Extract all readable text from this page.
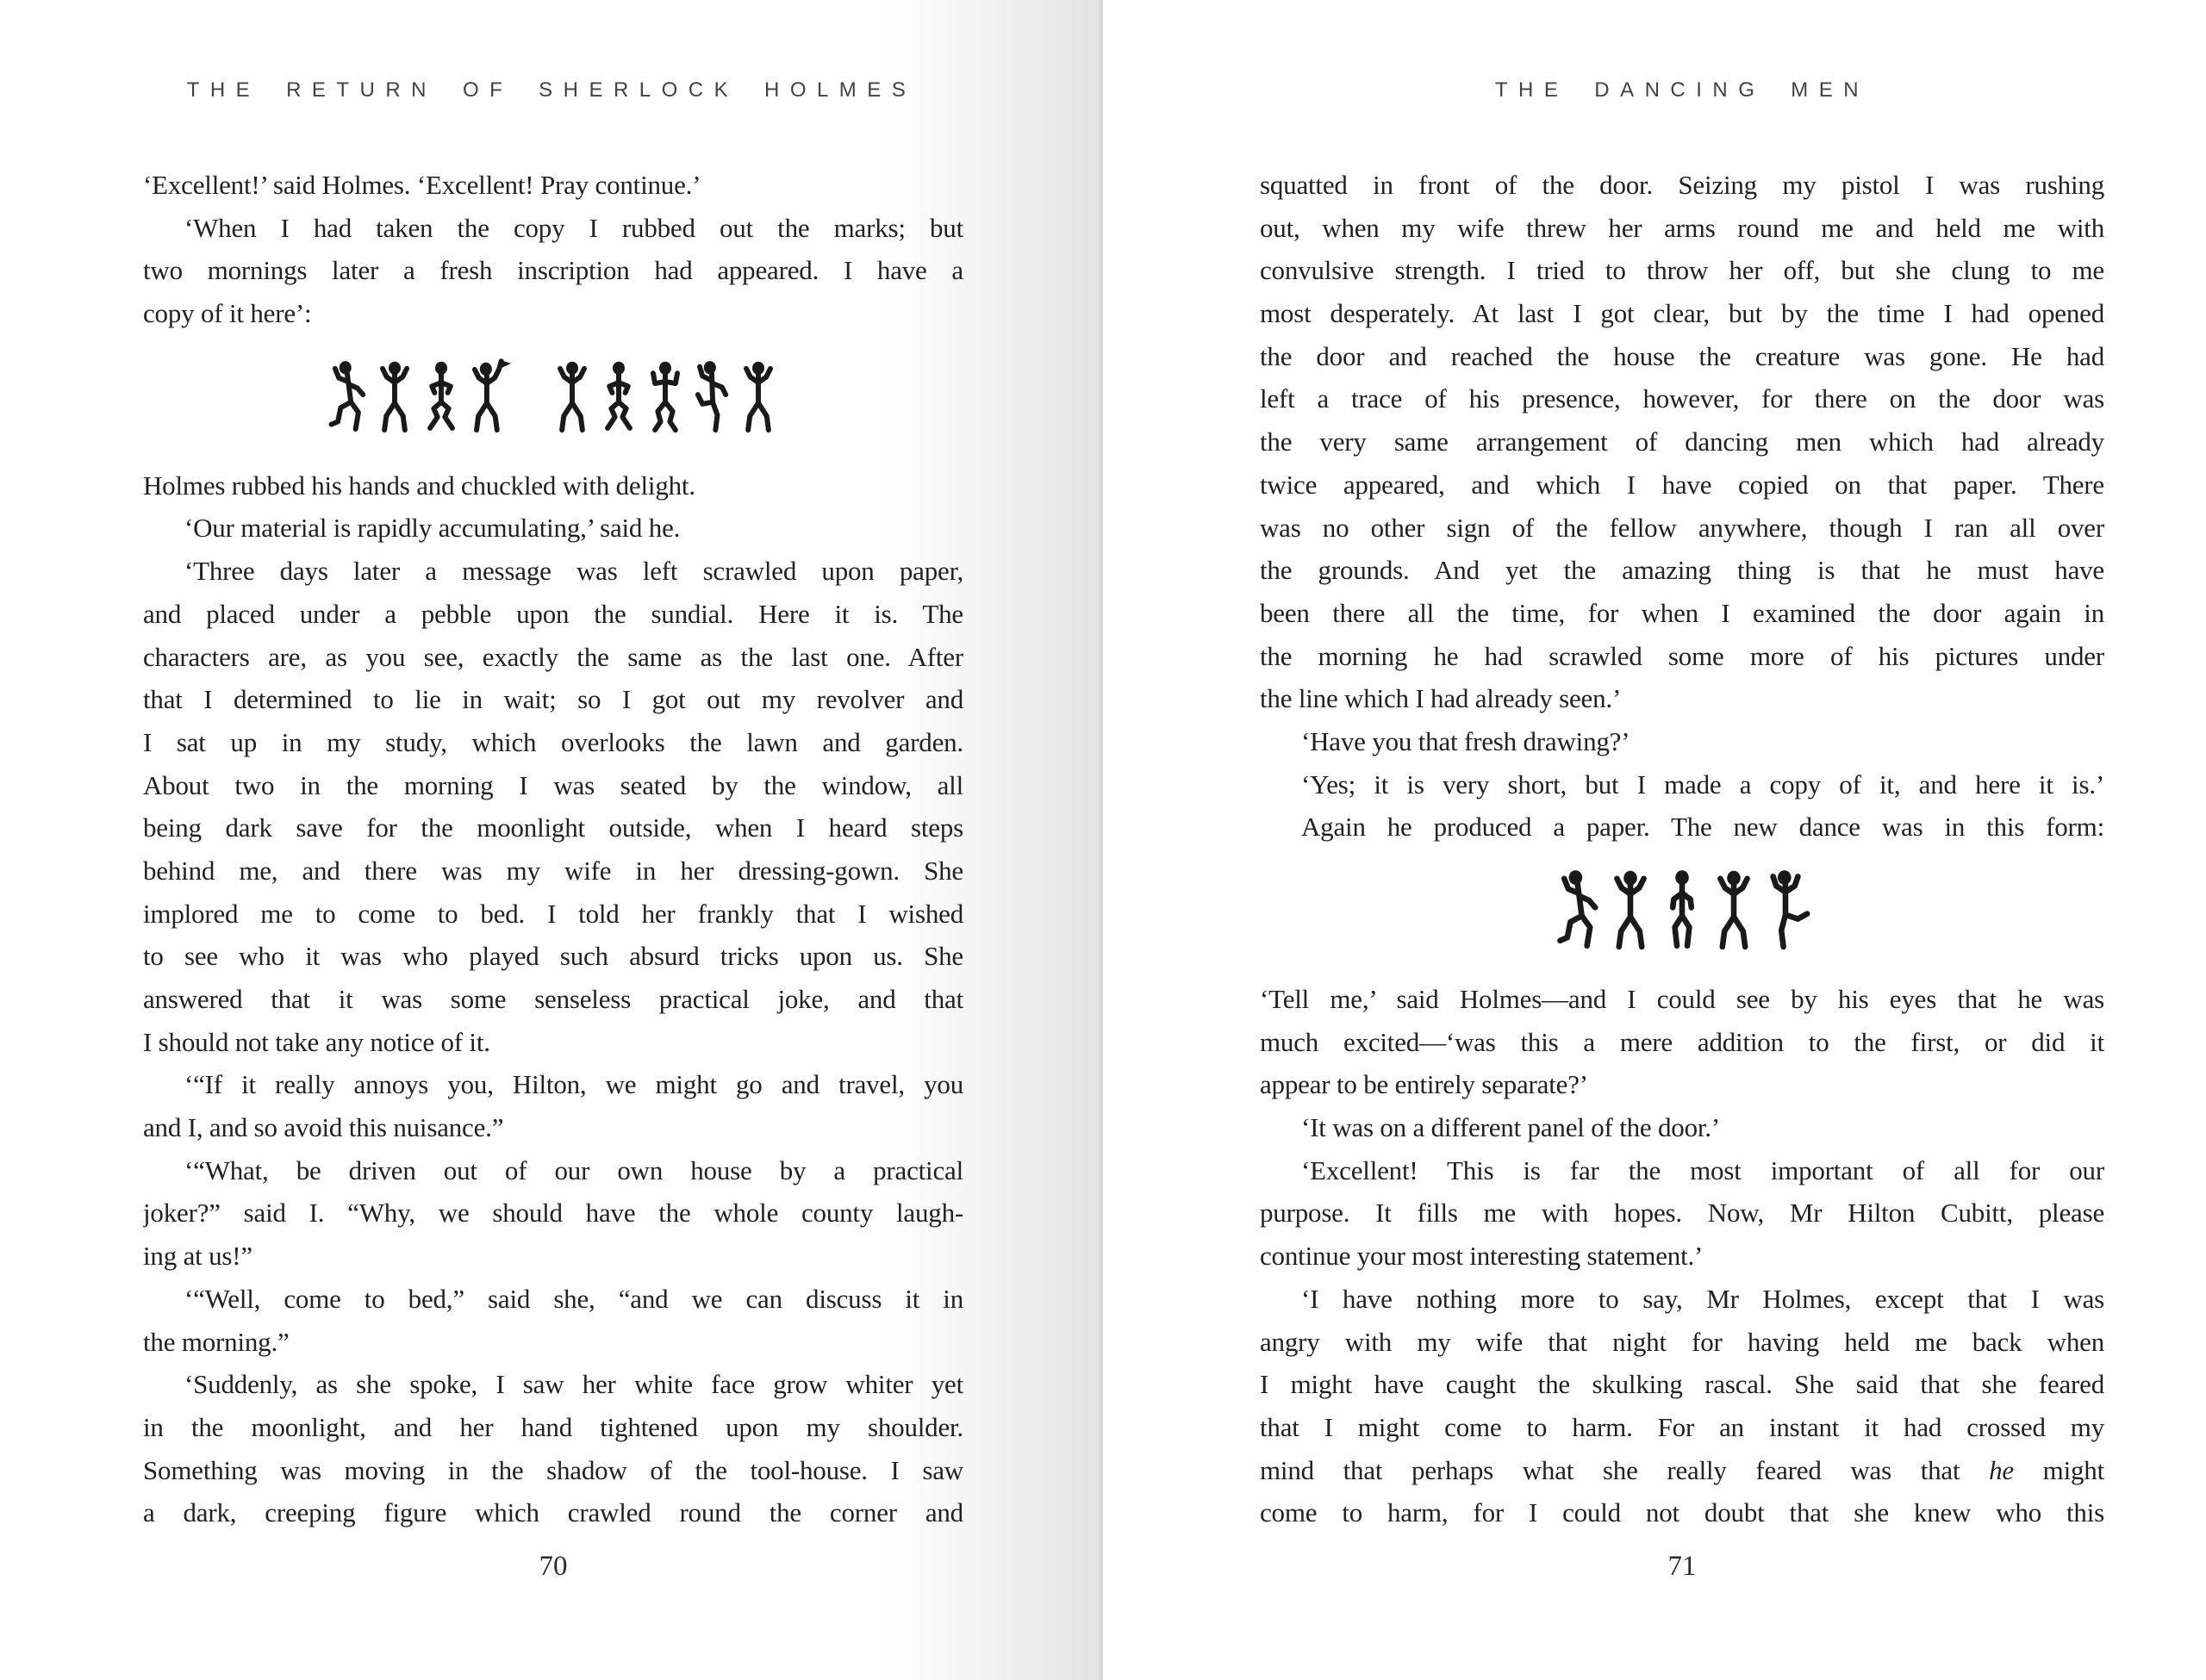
THE RETURN OF SHERLOCK HOLMES
‘Excellent!’ said Holmes. ‘Excellent! Pray continue.’
‘When I had taken the copy I rubbed out the marks; but
two mornings later a fresh inscription had appeared. I have a
copy of it here’:
Holmes rubbed his hands and chuckled with delight.
‘Our material is rapidly accumulating,’ said he.
‘Three days later a message was left scrawled upon paper,
and placed under a pebble upon the sundial. Here it is. The
characters are, as you see, exactly the same as the last one. After
that I determined to lie in wait; so I got out my revolver and
I sat up in my study, which overlooks the lawn and garden.
About two in the morning I was seated by the window, all
being dark save for the moonlight outside, when I heard steps
behind me, and there was my wife in her dressing-gown. She
implored me to come to bed. I told her frankly that I wished
to see who it was who played such absurd tricks upon us. She
answered that it was some senseless practical joke, and that
I should not take any notice of it.
‘“If it really annoys you, Hilton, we might go and travel, you
and I, and so avoid this nuisance.”
‘“What, be driven out of our own house by a practical
joker?” said I. “Why, we should have the whole county laugh-
ing at us!”
‘“Well, come to bed,” said she, “and we can discuss it in
the morning.”
‘Suddenly, as she spoke, I saw her white face grow whiter yet
in the moonlight, and her hand tightened upon my shoulder.
Something was moving in the shadow of the tool-house. I saw
a dark, creeping figure which crawled round the corner and
70
THE DANCING MEN
squatted in front of the door. Seizing my pistol I was rushing
out, when my wife threw her arms round me and held me with
convulsive strength. I tried to throw her off, but she clung to me
most desperately. At last I got clear, but by the time I had opened
the door and reached the house the creature was gone. He had
left a trace of his presence, however, for there on the door was
the very same arrangement of dancing men which had already
twice appeared, and which I have copied on that paper. There
was no other sign of the fellow anywhere, though I ran all over
the grounds. And yet the amazing thing is that he must have
been there all the time, for when I examined the door again in
the morning he had scrawled some more of his pictures under
the line which I had already seen.’
‘Have you that fresh drawing?’
‘Yes; it is very short, but I made a copy of it, and here it is.’
Again he produced a paper. The new dance was in this form:
‘Tell me,’ said Holmes—and I could see by his eyes that he was
much excited—‘was this a mere addition to the first, or did it
appear to be entirely separate?’
‘It was on a different panel of the door.’
‘Excellent! This is far the most important of all for our
purpose. It fills me with hopes. Now, Mr Hilton Cubitt, please
continue your most interesting statement.’
‘I have nothing more to say, Mr Holmes, except that I was
angry with my wife that night for having held me back when
I might have caught the skulking rascal. She said that she feared
that I might come to harm. For an instant it had crossed my
mind that perhaps what she really feared was that he might
come to harm, for I could not doubt that she knew who this
71
